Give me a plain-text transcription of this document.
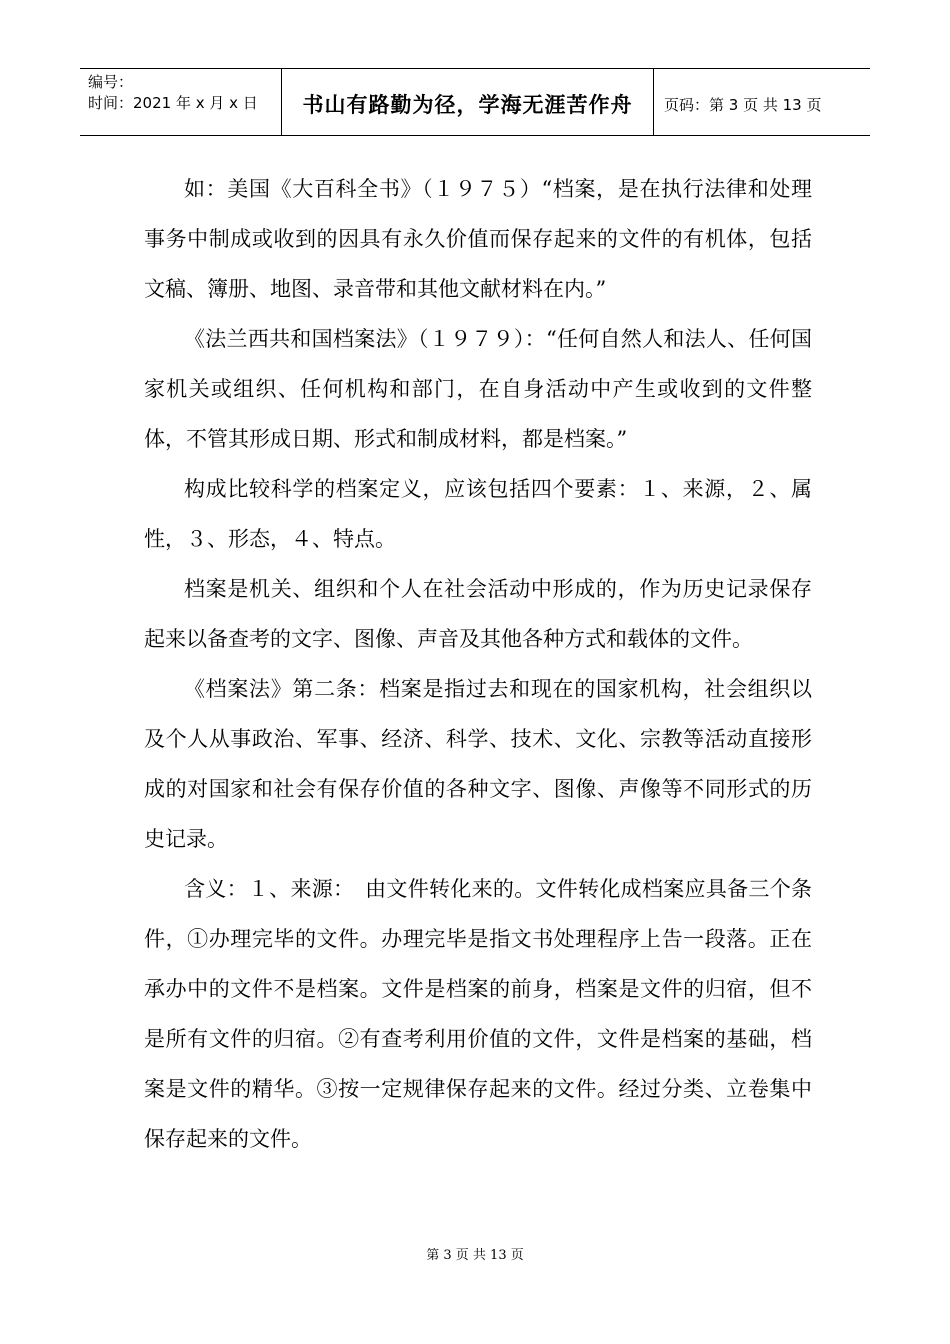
编号：
时间：2021 年 x 月 x 日	书山有路勤为径，学海无涯苦作舟	页码：第 3 页 共 13 页

如：美国《大百科全书》（１９７５）“档案，是在执行法律和处理事务中制成或收到的因具有永久价值而保存起来的文件的有机体，包括文稿、簿册、地图、录音带和其他文献材料在内。”

《法兰西共和国档案法》（１９７９）：“任何自然人和法人、任何国家机关或组织、任何机构和部门，在自身活动中产生或收到的文件整体，不管其形成日期、形式和制成材料，都是档案。”

构成比较科学的档案定义，应该包括四个要素：１、来源，２、属性，３、形态，４、特点。

档案是机关、组织和个人在社会活动中形成的，作为历史记录保存起来以备查考的文字、图像、声音及其他各种方式和载体的文件。

《档案法》第二条：档案是指过去和现在的国家机构，社会组织以及个人从事政治、军事、经济、科学、技术、文化、宗教等活动直接形成的对国家和社会有保存价值的各种文字、图像、声像等不同形式的历史记录。

含义：１、来源：　由文件转化来的。文件转化成档案应具备三个条件，①办理完毕的文件。办理完毕是指文书处理程序上告一段落。正在承办中的文件不是档案。文件是档案的前身，档案是文件的归宿，但不是所有文件的归宿。②有查考利用价值的文件，文件是档案的基础，档案是文件的精华。③按一定规律保存起来的文件。经过分类、立卷集中保存起来的文件。

第 3 页 共 13 页
